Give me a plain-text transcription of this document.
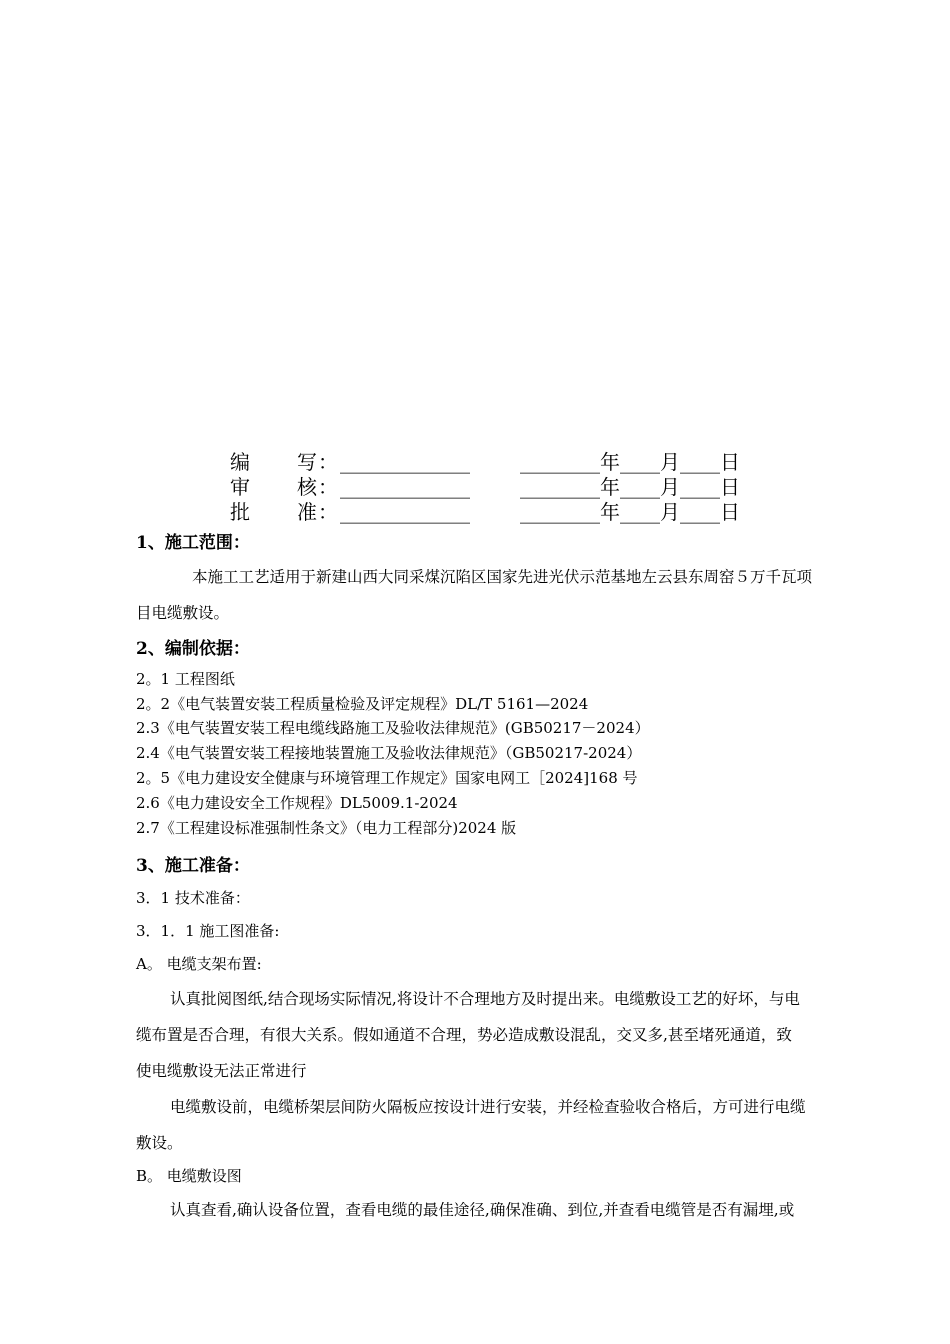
编 写 ： _____________	________年____月____日
审 核 ： _____________	________年____月____日
批 准 ： _____________	________年____月____日
1、施工范围：
本施工工艺适用于新建山西大同采煤沉陷区国家先进光伏示范基地左云县东周窑５万千瓦项
目电缆敷设。
2、编制依据：
2。1 工程图纸
2。2《电气装置安装工程质量检验及评定规程》DL/T 5161—2024
2.3《电气装置安装工程电缆线路施工及验收法律规范》(GB50217－2024）
2.4《电气装置安装工程接地装置施工及验收法律规范》（GB50217-2024）
2。5《电力建设安全健康与环境管理工作规定》国家电网工［2024]168 号
2.6《电力建设安全工作规程》DL5009.1-2024
2.7《工程建设标准强制性条文》（电力工程部分)2024 版
3、施工准备：
3．1 技术准备：
3．1．1 施工图准备:
A。 电缆支架布置:
认真批阅图纸,结合现场实际情况,将设计不合理地方及时提出来。电缆敷设工艺的好坏，与电
缆布置是否合理，有很大关系。假如通道不合理，势必造成敷设混乱，交叉多,甚至堵死通道，致
使电缆敷设无法正常进行
电缆敷设前，电缆桥架层间防火隔板应按设计进行安装，并经检查验收合格后，方可进行电缆
敷设。
B。 电缆敷设图
认真查看,确认设备位置，查看电缆的最佳途径,确保准确、到位,并查看电缆管是否有漏埋,或
